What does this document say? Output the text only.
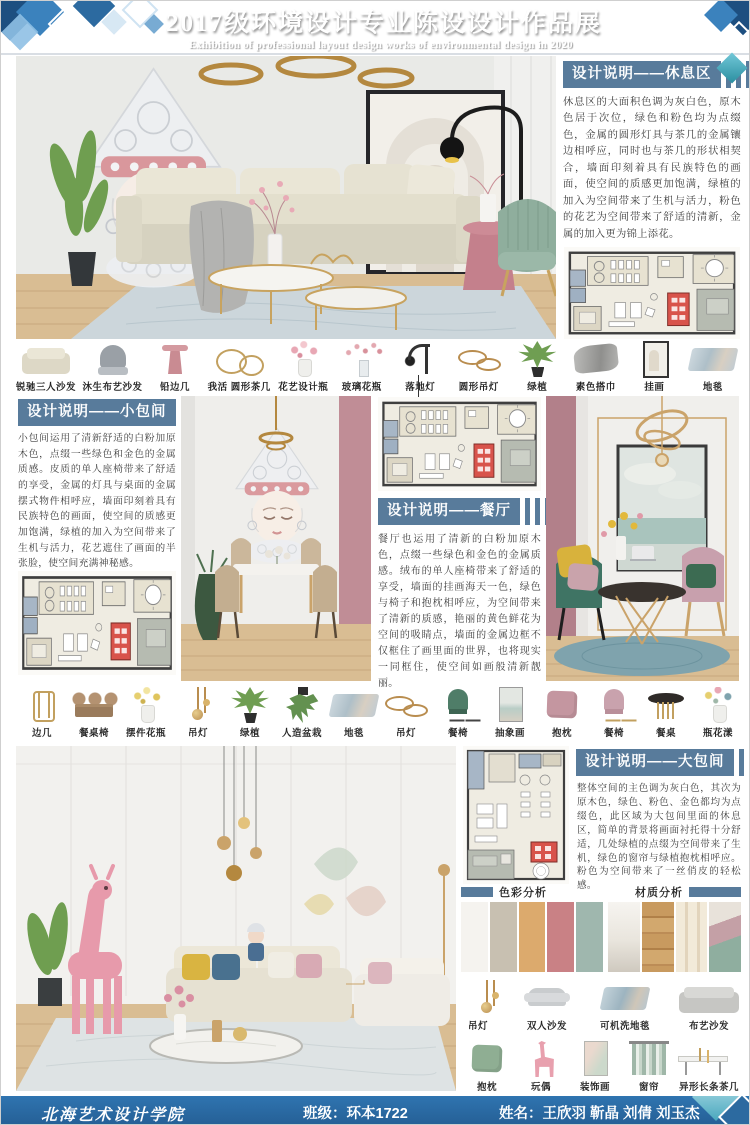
2017级环境设计专业陈设设计作品展
Exhibition of professional layout design works of environmental design in 2020
设计说明——休息区
休息区的大面积色调为灰白色，原木色居于次位，绿色和粉色均为点缀色，金属的圆形灯具与茶几的金属镶边相呼应，同时也与茶几的形状相契合，墙面印刻着具有民族特色的画面，使空间的质感更加饱满，绿植的加入为空间带来了生机与活力，粉色的花艺为空间带来了舒适的清新，金属的加入更为锦上添花。
锐驰三人沙发 沐生布艺沙发	铅边几	我活 圆形茶几 花艺设计瓶	玻璃花瓶	落地灯	圆形吊灯	绿植	素色搭巾	挂画	地毯
设计说明——小包间
小包间运用了清新舒适的白粉加原木色，点缀一些绿色和金色的金属质感。皮质的单人座椅带来了舒适的享受，金属的灯具与桌面的金属摆式物件相呼应，墙面印刻着具有民族特色的画面，使空间的质感更加饱满，绿植的加入为空间带来了生机与活力，花艺遮住了画面的半张脸，使空间充满神秘感。
设计说明——餐厅
餐厅也运用了清新的白粉加原木色，点缀一些绿色和金色的金属质感。绒布的单人座椅带来了舒适的享受，墙面的挂画海天一色，绿色与椅子和抱枕相呼应，为空间带来了清新的质感，艳丽的黄色鲜花为空间的吸睛点，墙面的金属边框不仅框住了画里面的世界，也将现实一同框住，使空间如画般清新靓丽。
边几	餐桌椅	摆件花瓶	吊灯	绿植	人造盆栽	地毯	吊灯	餐椅	抽象画	抱枕	餐椅	餐桌	瓶花漾
设计说明——大包间
整体空间的主色调为灰白色，其次为原木色，绿色、粉色、金色都均为点缀色，此区域为大包间里面的休息区，简单的背景将画面衬托得十分舒适，几处绿植的点缀为空间带来了生机，绿色的窗帘与绿植抱枕相呼应。粉色为空间带来了一丝俏皮的轻松感。
色彩分析	材质分析
吊灯	双人沙发	可机洗地毯	布艺沙发
抱枕	玩偶	装饰画	窗帘	异形长条茶几
北海艺术设计学院	班级：环本1722	姓名：王欣羽 靳晶 刘倩 刘玉杰
